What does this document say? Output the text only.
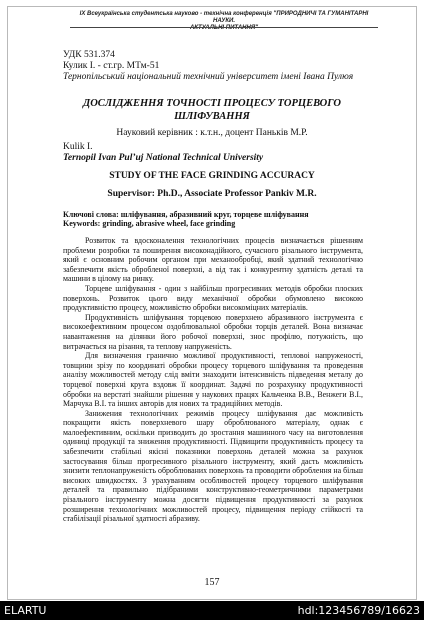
IX Всеукраїнська студентська науково - технічна конференція "ПРИРОДНИЧІ ТА ГУМАНІТАРНІ НАУКИ.
АКТУАЛЬНІ ПИТАННЯ"
УДК 531.374
Кулик І. - ст.гр. МТм-51
Тернопільський національний технічний університет імені Івана Пулюя
ДОСЛІДЖЕННЯ ТОЧНОСТІ ПРОЦЕСУ ТОРЦЕВОГО
ШЛІФУВАННЯ
Науковий керівник : к.т.н., доцент Паньків М.Р.
Kulik I.
Ternopil Ivan Pul’uj National Technical University
STUDY OF THE FACE GRINDING ACCURACY
Supervisor: Ph.D., Associate Professor Pankiv M.R.
Ключові слова: шліфування, абразивний круг, торцеве шліфування
Keywords: grinding, abrasive wheel, face grinding

Розвиток та вдосконалення технологічних процесів визначається рішенням проблеми розробки та поширення високонадійного, сучасного різального інструмента, який є основним робочим органом при механообробці, який здатний технологічно забезпечити якість обробленої поверхні, а від так і конкурентну здатність деталі та машини в цілому на ринку.

Торцеве шліфування - один з найбільш прогресивних методів обробки плоских поверхонь. Розвиток цього виду механічної обробки обумовлено високою продуктивністю процесу, можливістю обробки високоміцних матеріалів.

Продуктивність шліфування торцевою поверхнею абразивного інструмента є високоефективним процесом оздоблювальної обробки торців деталей. Вона визначає навантаження на ділянки його робочої поверхні, знос профілю, потужність, що витрачається на різання, та теплову напруженість.

Для визначення гранично можливої продуктивності, тепловоі напруженості, товщини зрізу по координаті обробки процесу торцевого шліфування та проведення аналізу можливостей методу слід вміти знаходити інтенсивність підведення металу до торцевої поверхні круга вздовж її координат. Задачі по розрахунку продуктивності обробки на верстаті знайшли рішення у наукових працях Кальченка В.В., Венжеги В.І., Марчука В.І. та інших авторів для нових та традиційних методів.

Занижения технологічних режимів процесу шліфування дає можливість покращити якість поверхневого шару оброблюваного матеріалу, однак є малоефективним, оскільки призводить до зростання машинного часу на виготовлення одиниці продукції та зниження продуктивності. Підвищити продуктивність процесу та забезпечити стабільні якісні показники поверхонь деталей можна за рахунок застосування більш прогресивного різального інструменту, який дасть можливість знизити теплонапруженість оброблюваних поверхонь та проводити оброблення на більш високих швидкостях. З урахуванням особливостей процесу торцевого шліфування деталей та правильно підібраними конструктивно-геометричними параметрами різального інструменту можна досягти підвищення продуктивності за рахунок розширення технологічних можливостей процесу, підвищення періоду стійкості та стабілізації різальної здатності абразиву.

157
ELARTU	hdl:123456789/16623
